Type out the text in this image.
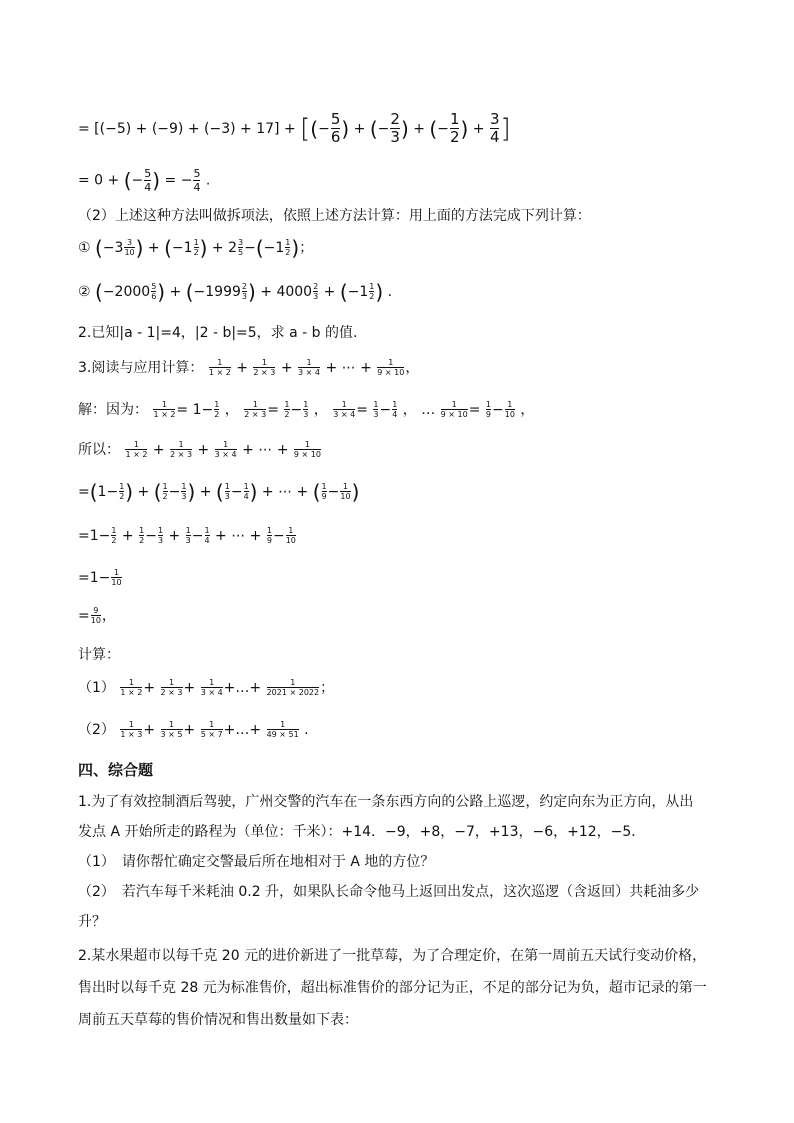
= [(−5) + (−9) + (−3) + 17] + [(− $\frac{5}{6}$ ) + (− $\frac{2}{3}$ ) + (− $\frac{1}{2}$ ) + $\frac{3}{4}$ ]
= 0 + (− $\frac{5}{4}$ ) = − $\frac{5}{4}$ .
（2）上述这种方法叫做拆项法，依照上述方法计算：用上面的方法完成下列计算：
① ($-3 \frac{3}{10}$ ) + ($-1 \frac{1}{2}$ ) + $2 \frac{3}{5} -(-1 \frac{1}{2}$ )；
② ($-2000 \frac{5}{6}$ ) + ($-1999 \frac{2}{3}$ ) + $4000 \frac{2}{3} + (-1 \frac{1}{2}$ ) .
2.已知|a - 1|=4，|2 - b|=5，求 a - b 的值.
3.阅读与应用计算： $\frac{1}{1 \times 2} + \frac{1}{2 \times 3} + \frac{1}{3 \times 4}$ + ⋯ + $\frac{1}{9 \times 10}$ ，
解：因为： $\frac{1}{1 \times 2} = 1- \frac{1}{2}$ ， $\frac{1}{2 \times 3} = \frac{1}{2} - \frac{1}{3}$ ， $\frac{1}{3 \times 4} = \frac{1}{3} - \frac{1}{4}$ ， … $\frac{1}{9 \times 10} = \frac{1}{9} - \frac{1}{10}$ ，
所以： $\frac{1}{1 \times 2} + \frac{1}{2 \times 3} + \frac{1}{3 \times 4}$ + ⋯ + $\frac{1}{9 \times 10}$
$=(1- \frac{1}{2}$ ) + ( $\frac{1}{2} - \frac{1}{3}$ ) + ( $\frac{1}{3} - \frac{1}{4}$ ) + ⋯ + ( $\frac{1}{9} - \frac{1}{10}$ )
$=1- \frac{1}{2} + \frac{1}{2} - \frac{1}{3} + \frac{1}{3} - \frac{1}{4}$ + ⋯ + $\frac{1}{9} - \frac{1}{10}$
$=1- \frac{1}{10}$
= $\frac{9}{10}$ ，
计算：
$(1) \frac{1}{1 \times 2} + \frac{1}{2 \times 3} + \frac{1}{3 \times 4}$ +…+ $\frac{1}{2021 \times 2022}$ ；
$(2) \frac{1}{1 \times 3} + \frac{1}{3 \times 5} + \frac{1}{5 \times 7}$ +…+ $\frac{1}{49 \times 51}$ .
四、综合题
1.为了有效控制酒后驾驶，广州交警的汽车在一条东西方向的公路上巡逻，约定向东为正方向，从出
发点 A 开始所走的路程为（单位：千米）：+14．−9，+8，−7，+13，−6，+12，−5．
（1）　请你帮忙确定交警最后所在地相对于 A 地的方位？
（2）　若汽车每千米耗油 0.2 升，如果队长命令他马上返回出发点，这次巡逻（含返回）共耗油多少
升？
2.某水果超市以每千克 20 元的进价新进了一批草莓，为了合理定价，在第一周前五天试行变动价格，
售出时以每千克 28 元为标准售价，超出标准售价的部分记为正，不足的部分记为负，超市记录的第一
周前五天草莓的售价情况和售出数量如下表：
